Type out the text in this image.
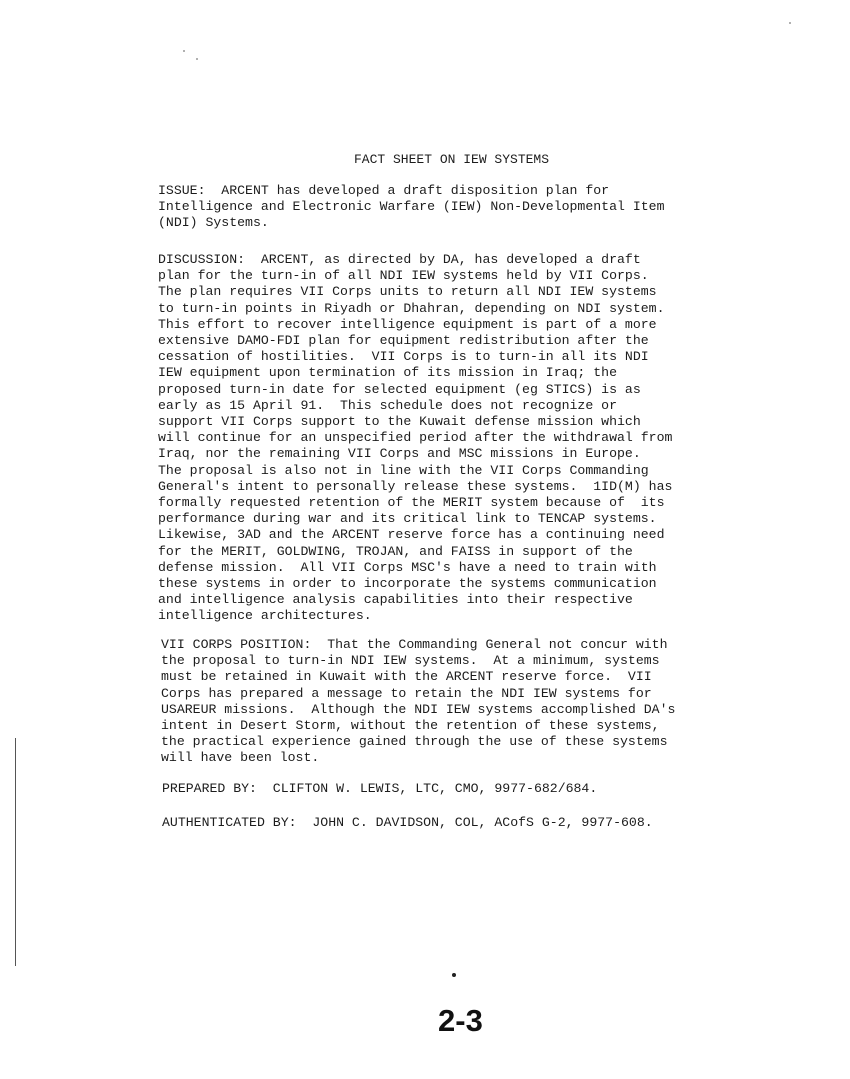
FACT SHEET ON IEW SYSTEMS
ISSUE:  ARCENT has developed a draft disposition plan for
Intelligence and Electronic Warfare (IEW) Non-Developmental Item
(NDI) Systems.
DISCUSSION:  ARCENT, as directed by DA, has developed a draft
plan for the turn-in of all NDI IEW systems held by VII Corps.
The plan requires VII Corps units to return all NDI IEW systems
to turn-in points in Riyadh or Dhahran, depending on NDI system.
This effort to recover intelligence equipment is part of a more
extensive DAMO-FDI plan for equipment redistribution after the
cessation of hostilities.  VII Corps is to turn-in all its NDI
IEW equipment upon termination of its mission in Iraq; the
proposed turn-in date for selected equipment (eg STICS) is as
early as 15 April 91.  This schedule does not recognize or
support VII Corps support to the Kuwait defense mission which
will continue for an unspecified period after the withdrawal from
Iraq, nor the remaining VII Corps and MSC missions in Europe.
The proposal is also not in line with the VII Corps Commanding
General's intent to personally release these systems.  1ID(M) has
formally requested retention of the MERIT system because of  its
performance during war and its critical link to TENCAP systems.
Likewise, 3AD and the ARCENT reserve force has a continuing need
for the MERIT, GOLDWING, TROJAN, and FAISS in support of the
defense mission.  All VII Corps MSC's have a need to train with
these systems in order to incorporate the systems communication
and intelligence analysis capabilities into their respective
intelligence architectures.
VII CORPS POSITION:  That the Commanding General not concur with
the proposal to turn-in NDI IEW systems.  At a minimum, systems
must be retained in Kuwait with the ARCENT reserve force.  VII
Corps has prepared a message to retain the NDI IEW systems for
USAREUR missions.  Although the NDI IEW systems accomplished DA's
intent in Desert Storm, without the retention of these systems,
the practical experience gained through the use of these systems
will have been lost.
PREPARED BY:  CLIFTON W. LEWIS, LTC, CMO, 9977-682/684.
AUTHENTICATED BY:  JOHN C. DAVIDSON, COL, ACofS G-2, 9977-608.
2-3
